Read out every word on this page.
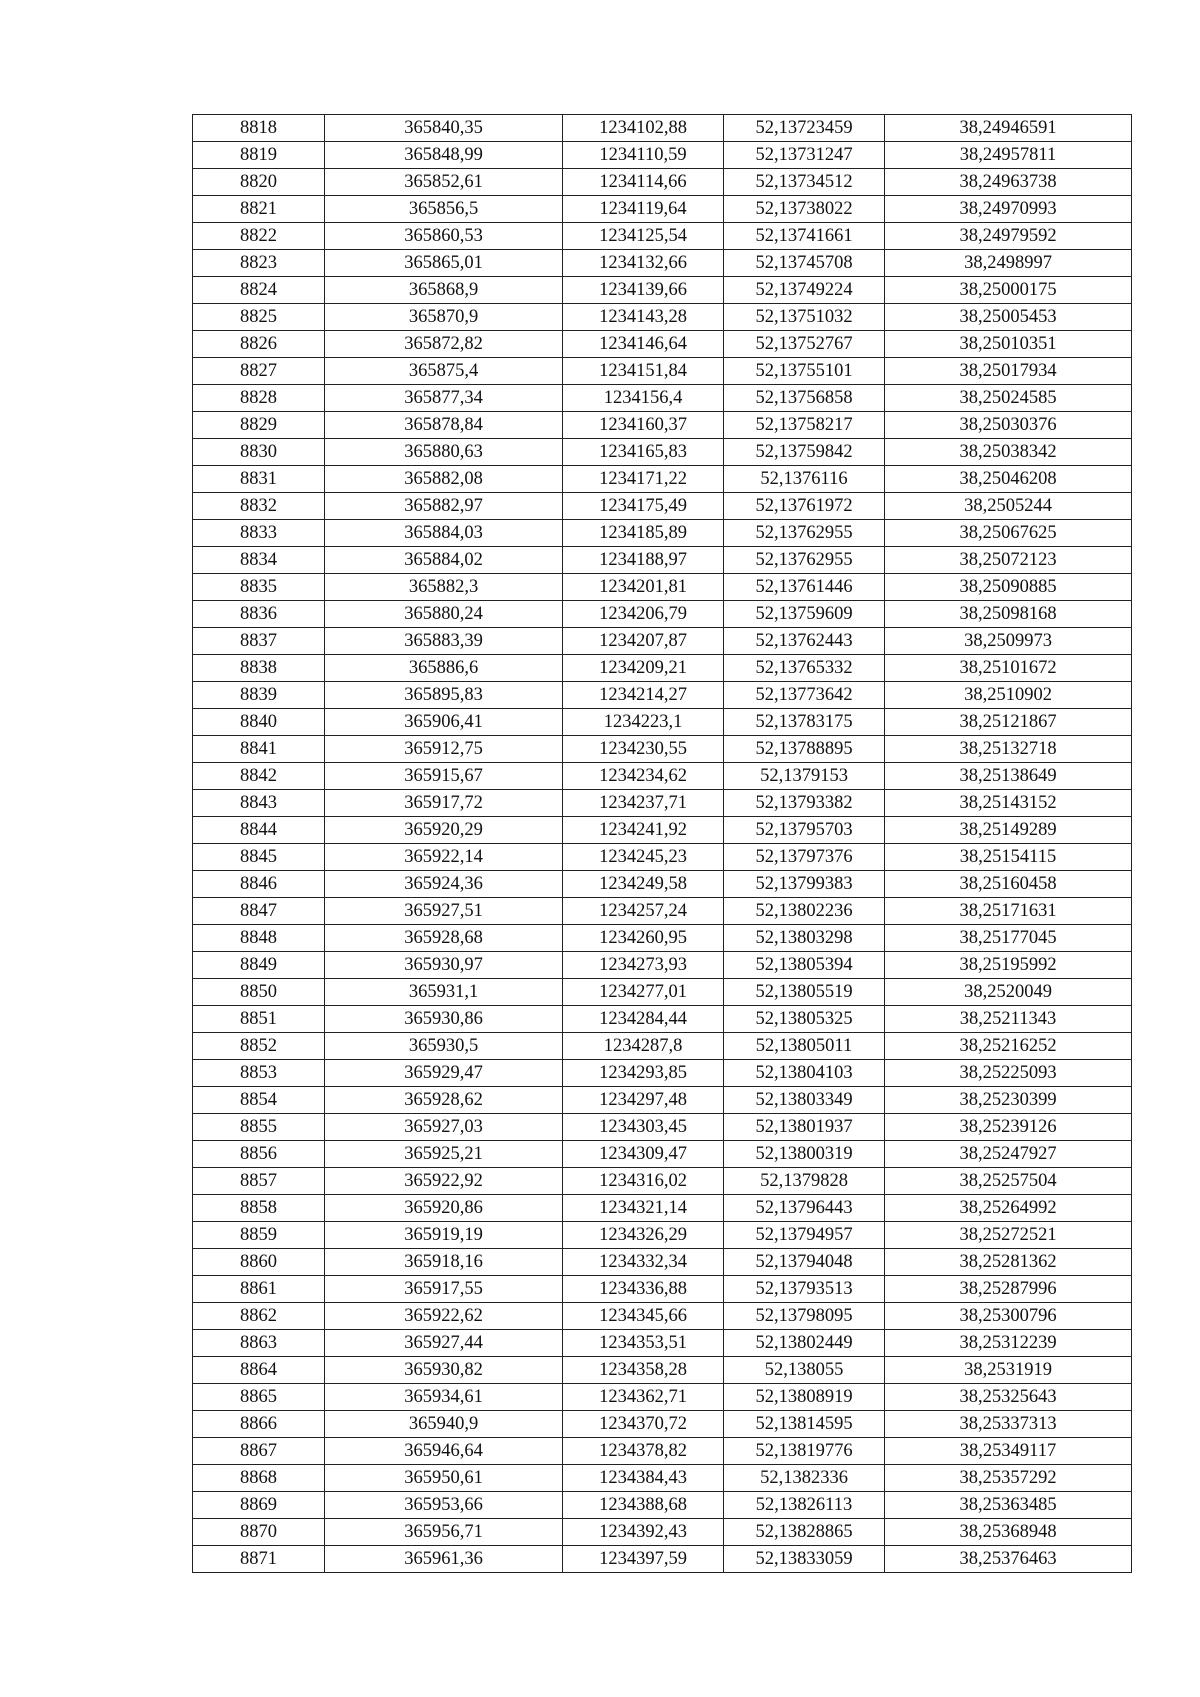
8818	365840,35	1234102,88	52,13723459	38,24946591
8819	365848,99	1234110,59	52,13731247	38,24957811
8820	365852,61	1234114,66	52,13734512	38,24963738
8821	365856,5	1234119,64	52,13738022	38,24970993
8822	365860,53	1234125,54	52,13741661	38,24979592
8823	365865,01	1234132,66	52,13745708	38,2498997
8824	365868,9	1234139,66	52,13749224	38,25000175
8825	365870,9	1234143,28	52,13751032	38,25005453
8826	365872,82	1234146,64	52,13752767	38,25010351
8827	365875,4	1234151,84	52,13755101	38,25017934
8828	365877,34	1234156,4	52,13756858	38,25024585
8829	365878,84	1234160,37	52,13758217	38,25030376
8830	365880,63	1234165,83	52,13759842	38,25038342
8831	365882,08	1234171,22	52,1376116	38,25046208
8832	365882,97	1234175,49	52,13761972	38,2505244
8833	365884,03	1234185,89	52,13762955	38,25067625
8834	365884,02	1234188,97	52,13762955	38,25072123
8835	365882,3	1234201,81	52,13761446	38,25090885
8836	365880,24	1234206,79	52,13759609	38,25098168
8837	365883,39	1234207,87	52,13762443	38,2509973
8838	365886,6	1234209,21	52,13765332	38,25101672
8839	365895,83	1234214,27	52,13773642	38,2510902
8840	365906,41	1234223,1	52,13783175	38,25121867
8841	365912,75	1234230,55	52,13788895	38,25132718
8842	365915,67	1234234,62	52,1379153	38,25138649
8843	365917,72	1234237,71	52,13793382	38,25143152
8844	365920,29	1234241,92	52,13795703	38,25149289
8845	365922,14	1234245,23	52,13797376	38,25154115
8846	365924,36	1234249,58	52,13799383	38,25160458
8847	365927,51	1234257,24	52,13802236	38,25171631
8848	365928,68	1234260,95	52,13803298	38,25177045
8849	365930,97	1234273,93	52,13805394	38,25195992
8850	365931,1	1234277,01	52,13805519	38,2520049
8851	365930,86	1234284,44	52,13805325	38,25211343
8852	365930,5	1234287,8	52,13805011	38,25216252
8853	365929,47	1234293,85	52,13804103	38,25225093
8854	365928,62	1234297,48	52,13803349	38,25230399
8855	365927,03	1234303,45	52,13801937	38,25239126
8856	365925,21	1234309,47	52,13800319	38,25247927
8857	365922,92	1234316,02	52,1379828	38,25257504
8858	365920,86	1234321,14	52,13796443	38,25264992
8859	365919,19	1234326,29	52,13794957	38,25272521
8860	365918,16	1234332,34	52,13794048	38,25281362
8861	365917,55	1234336,88	52,13793513	38,25287996
8862	365922,62	1234345,66	52,13798095	38,25300796
8863	365927,44	1234353,51	52,13802449	38,25312239
8864	365930,82	1234358,28	52,138055	38,2531919
8865	365934,61	1234362,71	52,13808919	38,25325643
8866	365940,9	1234370,72	52,13814595	38,25337313
8867	365946,64	1234378,82	52,13819776	38,25349117
8868	365950,61	1234384,43	52,1382336	38,25357292
8869	365953,66	1234388,68	52,13826113	38,25363485
8870	365956,71	1234392,43	52,13828865	38,25368948
8871	365961,36	1234397,59	52,13833059	38,25376463
